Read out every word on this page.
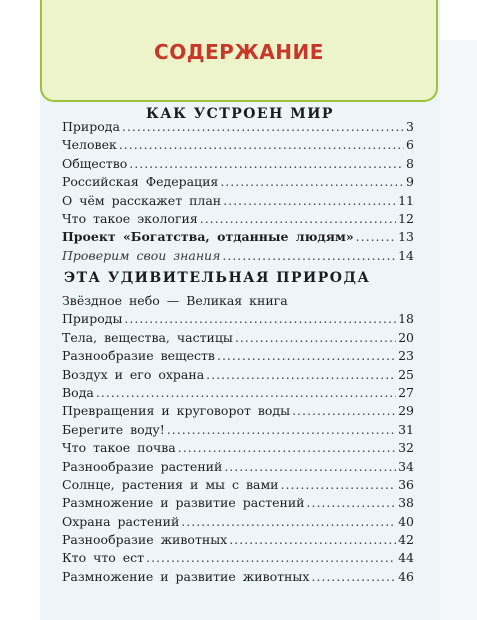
СОДЕРЖАНИЕ
КАК УСТРОЕН МИР
ЭТА УДИВИТЕЛЬНАЯ ПРИРОДА
Природа .....	3
Человек .....	6
Общество .....	8
Российская Федерация .....	9
О чём расскажет план .....	11
Что такое экология .....	12
Проект «Богатства, отданные людям» .....	13
Проверим свои знания .....	14
Звёздное небо — Великая книга
Природы .....	18
Тела, вещества, частицы .....	20
Разнообразие веществ .....	23
Воздух и его охрана .....	25
Вода .....	27
Превращения и круговорот воды .....	29
Берегите воду! .....	31
Что такое почва .....	32
Разнообразие растений .....	34
Солнце, растения и мы с вами .....	36
Размножение и развитие растений .....	38
Охрана растений .....	40
Разнообразие животных .....	42
Кто что ест .....	44
Размножение и развитие животных .....	46
